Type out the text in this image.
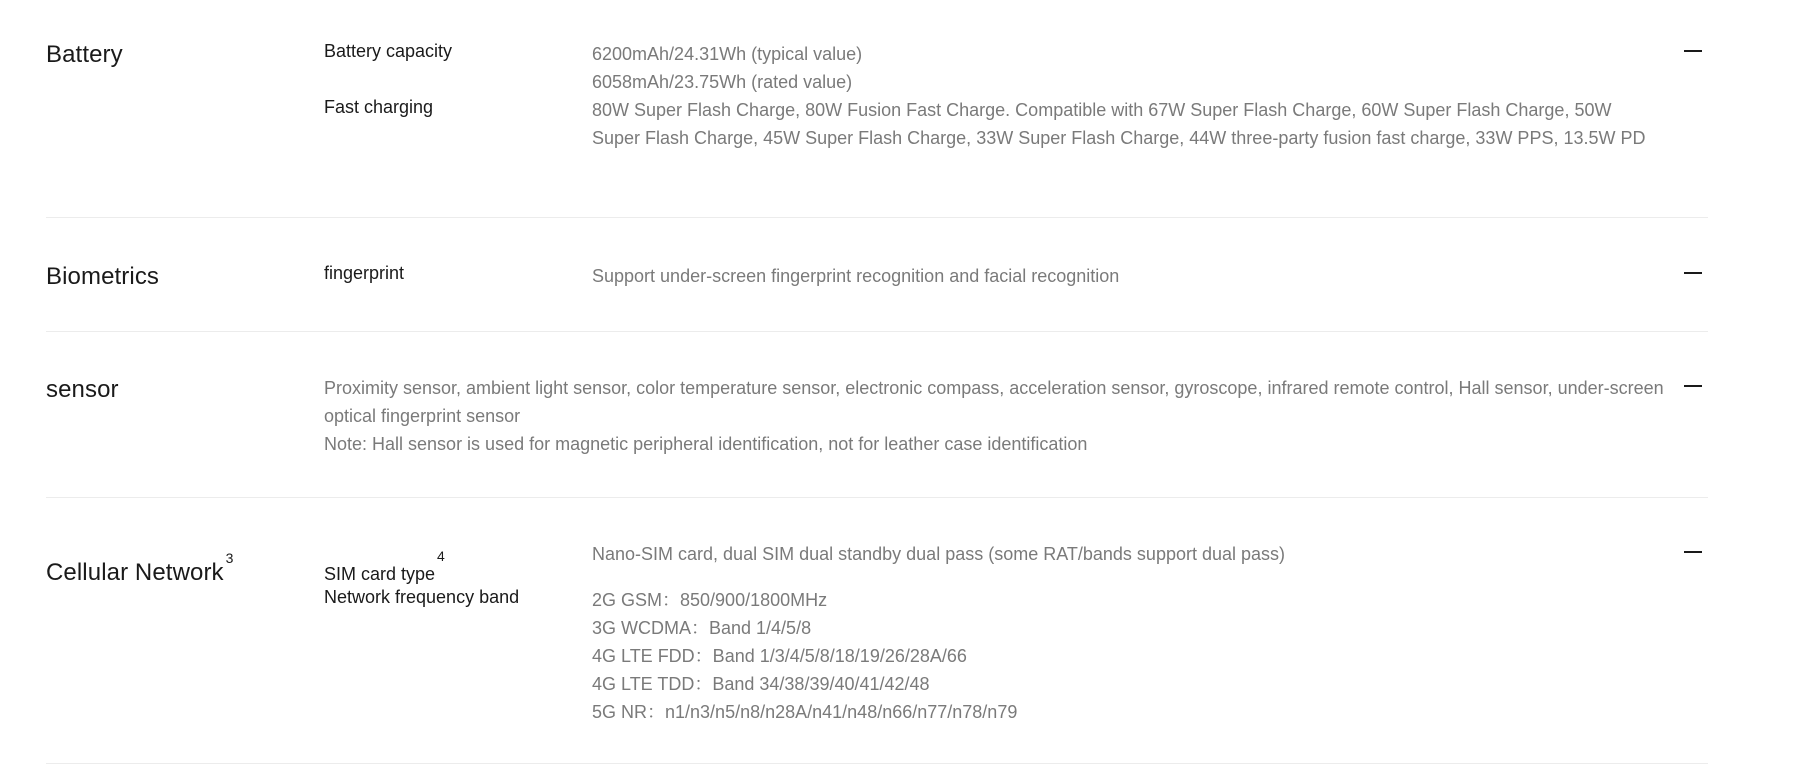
Battery	Battery capacity	6200mAh/24.31Wh (typical value)
6058mAh/23.75Wh (rated value)
Fast charging	80W Super Flash Charge, 80W Fusion Fast Charge. Compatible with 67W Super Flash Charge, 60W Super Flash Charge, 50W Super Flash Charge, 45W Super Flash Charge, 33W Super Flash Charge, 44W three-party fusion fast charge, 33W PPS, 13.5W PD
Biometrics	fingerprint	Support under-screen fingerprint recognition and facial recognition
sensor	Proximity sensor, ambient light sensor, color temperature sensor, electronic compass, acceleration sensor, gyroscope, infrared remote control, Hall sensor, under-screen optical fingerprint sensor
Note: Hall sensor is used for magnetic peripheral identification, not for leather case identification
Cellular Network$^3$
SIM card type$^4$	Nano-SIM card, dual SIM dual standby dual pass (some RAT/bands support dual pass)
Network frequency band	2G GSM：850/900/1800MHz
3G WCDMA：Band 1/4/5/8
4G LTE FDD：Band 1/3/4/5/8/18/19/26/28A/66
4G LTE TDD：Band 34/38/39/40/41/42/48
5G NR：n1/n3/n5/n8/n28A/n41/n48/n66/n77/n78/n79
